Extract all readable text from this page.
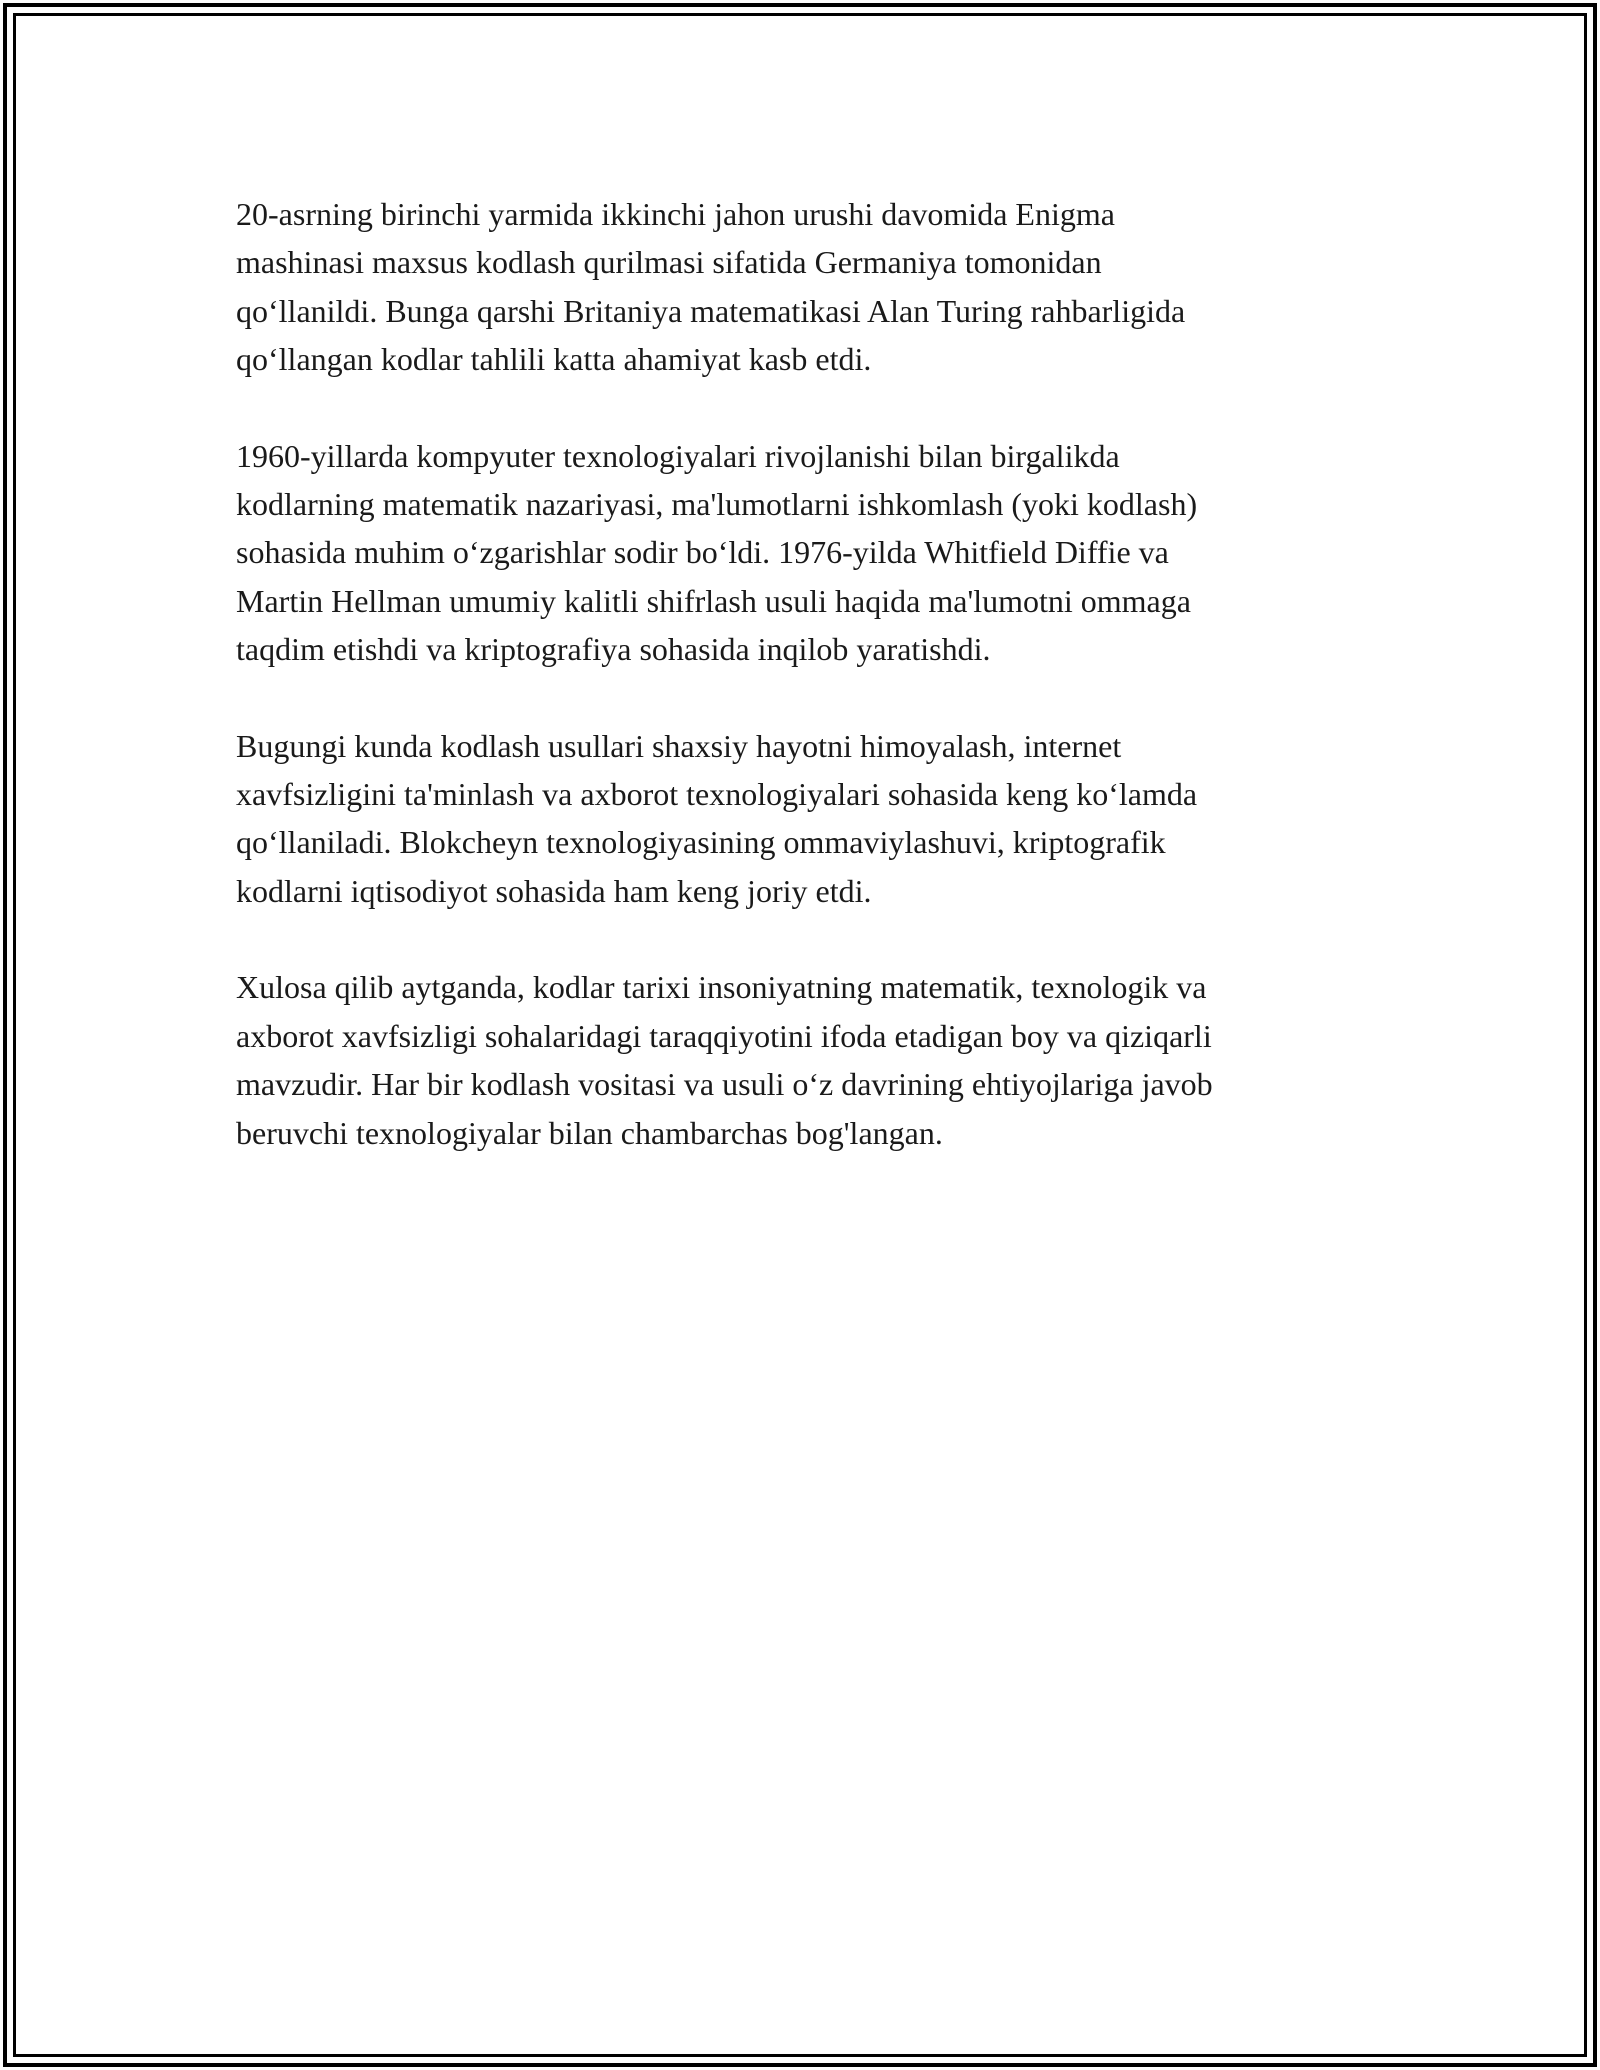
20-asrning birinchi yarmida ikkinchi jahon urushi davomida Enigma
mashinasi maxsus kodlash qurilmasi sifatida Germaniya tomonidan
qo‘llanildi. Bunga qarshi Britaniya matematikasi Alan Turing rahbarligida
qo‘llangan kodlar tahlili katta ahamiyat kasb etdi.

1960-yillarda kompyuter texnologiyalari rivojlanishi bilan birgalikda
kodlarning matematik nazariyasi, ma'lumotlarni ishkomlash (yoki kodlash)
sohasida muhim o‘zgarishlar sodir bo‘ldi. 1976-yilda Whitfield Diffie va
Martin Hellman umumiy kalitli shifrlash usuli haqida ma'lumotni ommaga
taqdim etishdi va kriptografiya sohasida inqilob yaratishdi.

Bugungi kunda kodlash usullari shaxsiy hayotni himoyalash, internet
xavfsizligini ta'minlash va axborot texnologiyalari sohasida keng ko‘lamda
qo‘llaniladi. Blokcheyn texnologiyasining ommaviylashuvi, kriptografik
kodlarni iqtisodiyot sohasida ham keng joriy etdi.

Xulosa qilib aytganda, kodlar tarixi insoniyatning matematik, texnologik va
axborot xavfsizligi sohalaridagi taraqqiyotini ifoda etadigan boy va qiziqarli
mavzudir. Har bir kodlash vositasi va usuli o‘z davrining ehtiyojlariga javob
beruvchi texnologiyalar bilan chambarchas bog'langan.
